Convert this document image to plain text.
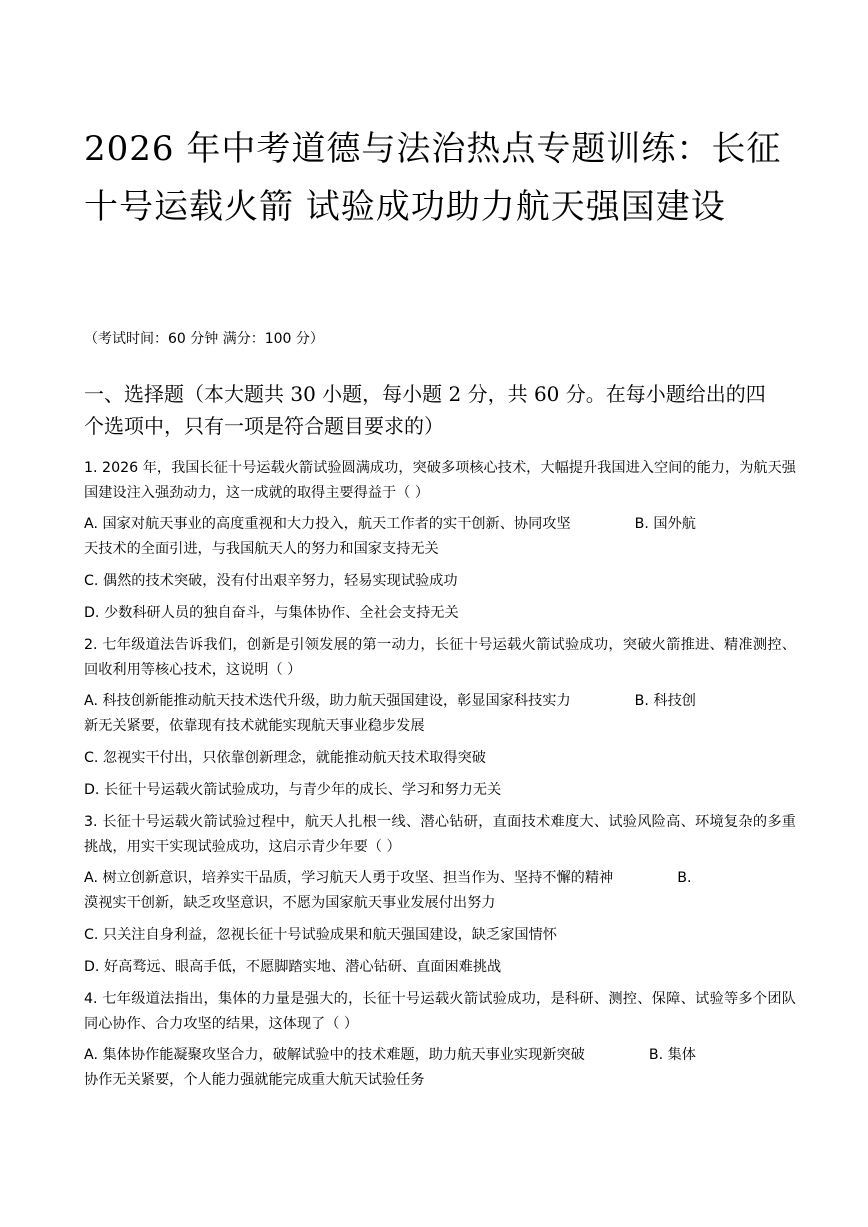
2026 年中考道德与法治热点专题训练：长征十号运载火箭 试验成功助力航天强国建设
（考试时间：60 分钟 满分：100 分）
一、选择题（本大题共 30 小题，每小题 2 分，共 60 分。在每小题给出的四个选项中，只有一项是符合题目要求的）

1. 2026 年，我国长征十号运载火箭试验圆满成功，突破多项核心技术，大幅提升我国进入空间的能力，为航天强国建设注入强劲动力，这一成就的取得主要得益于（ ）

A. 国家对航天事业的高度重视和大力投入，航天工作者的实干创新、协同攻坚	B. 国外航
天技术的全面引进，与我国航天人的努力和国家支持无关

C. 偶然的技术突破，没有付出艰辛努力，轻易实现试验成功

D. 少数科研人员的独自奋斗，与集体协作、全社会支持无关

2. 七年级道法告诉我们，创新是引领发展的第一动力，长征十号运载火箭试验成功，突破火箭推进、精准测控、回收利用等核心技术，这说明（ ）

A. 科技创新能推动航天技术迭代升级，助力航天强国建设，彰显国家科技实力	B. 科技创
新无关紧要，依靠现有技术就能实现航天事业稳步发展

C. 忽视实干付出，只依靠创新理念，就能推动航天技术取得突破

D. 长征十号运载火箭试验成功，与青少年的成长、学习和努力无关

3. 长征十号运载火箭试验过程中，航天人扎根一线、潜心钻研，直面技术难度大、试验风险高、环境复杂的多重挑战，用实干实现试验成功，这启示青少年要（ ）

A. 树立创新意识，培养实干品质，学习航天人勇于攻坚、担当作为、坚持不懈的精神	B.
漠视实干创新，缺乏攻坚意识，不愿为国家航天事业发展付出努力

C. 只关注自身利益，忽视长征十号试验成果和航天强国建设，缺乏家国情怀

D. 好高骛远、眼高手低，不愿脚踏实地、潜心钻研、直面困难挑战

4. 七年级道法指出，集体的力量是强大的，长征十号运载火箭试验成功，是科研、测控、保障、试验等多个团队同心协作、合力攻坚的结果，这体现了（ ）

A. 集体协作能凝聚攻坚合力，破解试验中的技术难题，助力航天事业实现新突破	B. 集体
协作无关紧要，个人能力强就能完成重大航天试验任务
